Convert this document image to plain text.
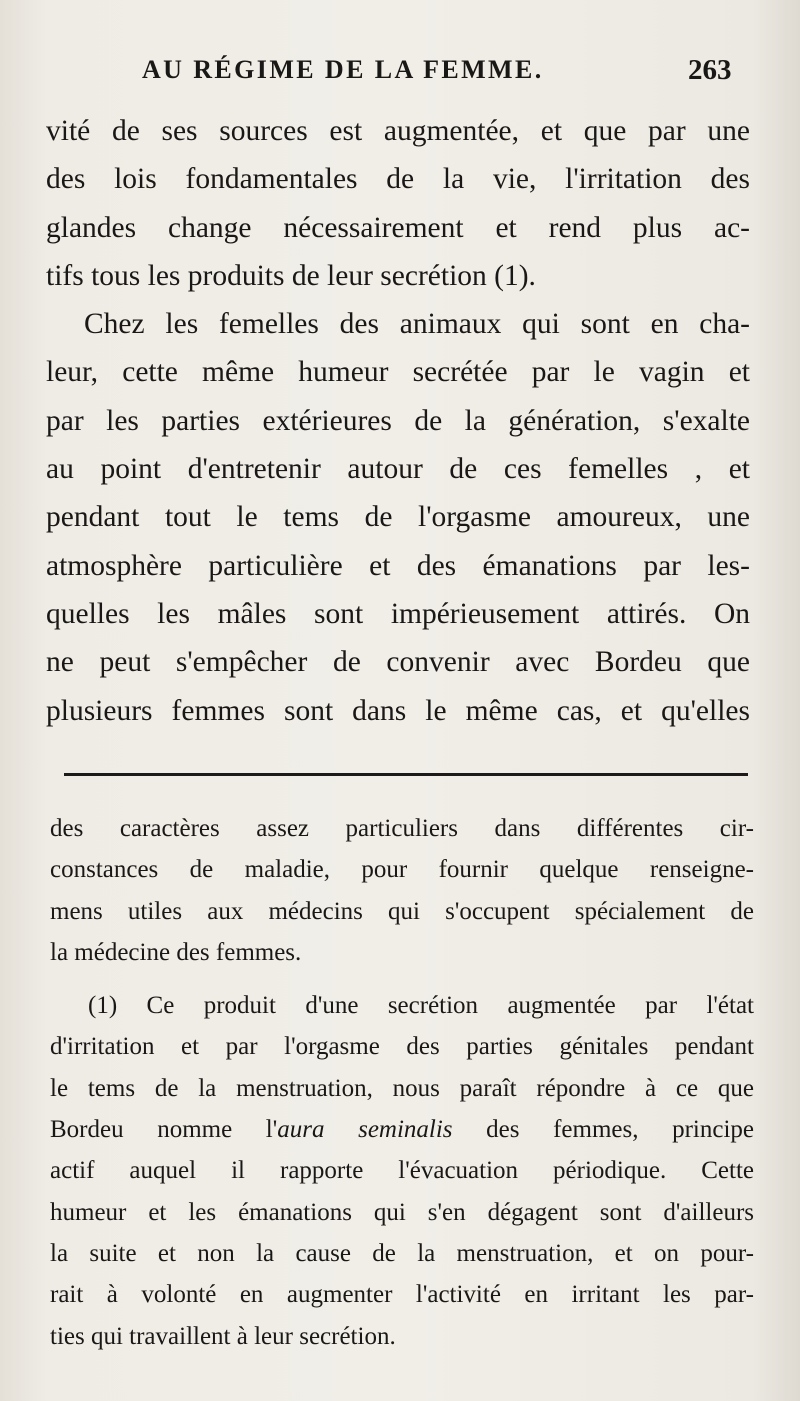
AU RÉGIME DE LA FEMME.	263
vité de ses sources est augmentée, et que par une
des lois fondamentales de la vie, l'irritation des
glandes change nécessairement et rend plus ac-
tifs tous les produits de leur secrétion (1).
Chez les femelles des animaux qui sont en cha-
leur, cette même humeur secrétée par le vagin et
par les parties extérieures de la génération, s'exalte
au point d'entretenir autour de ces femelles , et
pendant tout le tems de l'orgasme amoureux, une
atmosphère particulière et des émanations par les-
quelles les mâles sont impérieusement attirés. On
ne peut s'empêcher de convenir avec Bordeu que
plusieurs femmes sont dans le même cas, et qu'elles
des caractères assez particuliers dans différentes cir-
constances de maladie, pour fournir quelque renseigne-
mens utiles aux médecins qui s'occupent spécialement de
la médecine des femmes.
(1) Ce produit d'une secrétion augmentée par l'état
d'irritation et par l'orgasme des parties génitales pendant
le tems de la menstruation, nous paraît répondre à ce que
Bordeu nomme l'aura seminalis des femmes, principe
actif auquel il rapporte l'évacuation périodique. Cette
humeur et les émanations qui s'en dégagent sont d'ailleurs
la suite et non la cause de la menstruation, et on pour-
rait à volonté en augmenter l'activité en irritant les par-
ties qui travaillent à leur secrétion.
